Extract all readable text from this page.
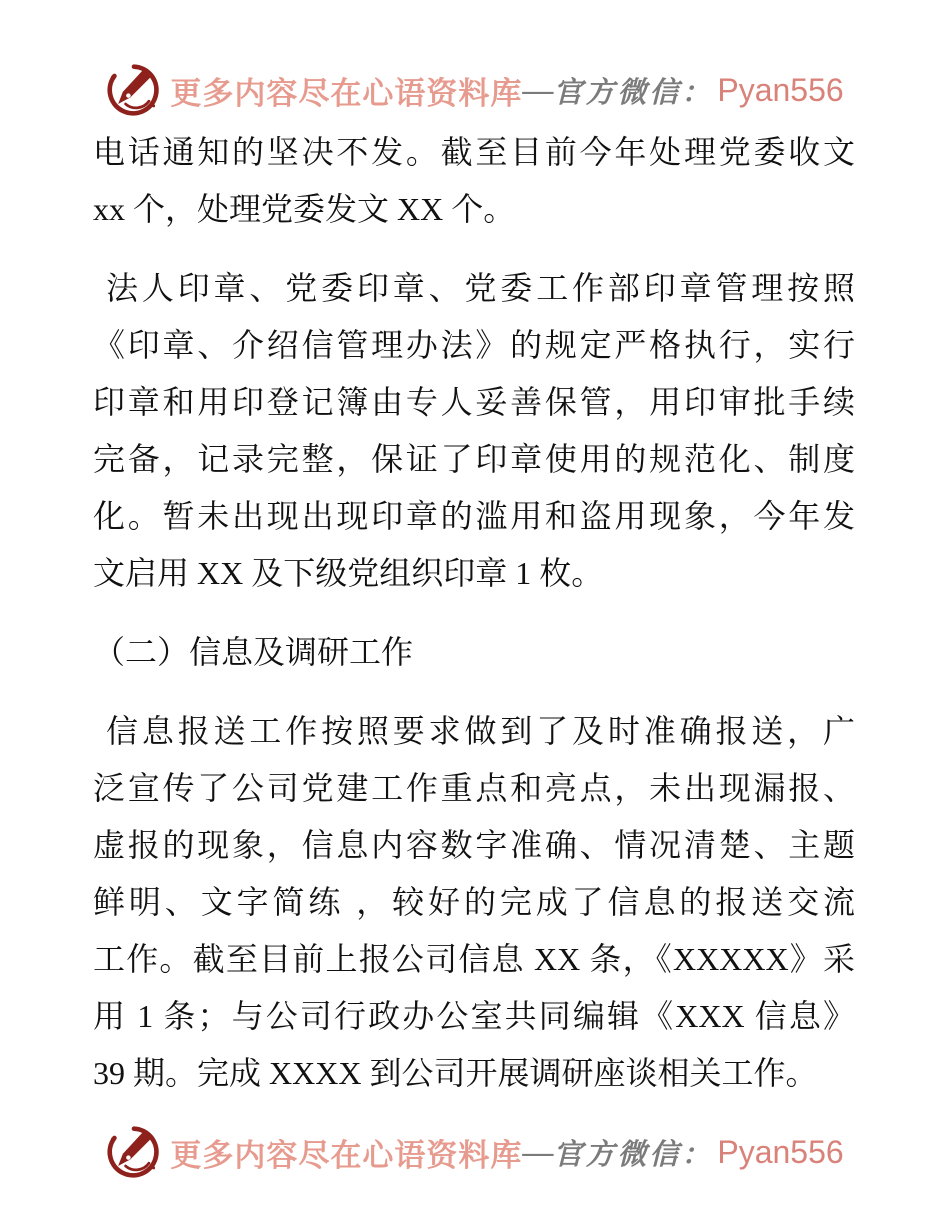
更多内容尽在心语资料库 — 官方微信： Pyan556
电话通知的坚决不发。截至目前今年处理党委收文
xx 个，处理党委发文 XX 个。
法人印章、党委印章、党委工作部印章管理按照
《印章、介绍信管理办法》的规定严格执行，实行
印章和用印登记簿由专人妥善保管，用印审批手续
完备，记录完整，保证了印章使用的规范化、制度
化。暂未出现出现印章的滥用和盗用现象，今年发
文启用 XX 及下级党组织印章 1 枚。
（二）信息及调研工作
信息报送工作按照要求做到了及时准确报送，广
泛宣传了公司党建工作重点和亮点，未出现漏报、
虚报的现象，信息内容数字准确、情况清楚、主题
鲜明、文字简练 ，较好的完成了信息的报送交流
工作。截至目前上报公司信息 XX 条，《XXXXX》采
用 1 条；与公司行政办公室共同编辑《XXX 信息》
39 期。完成 XXXX 到公司开展调研座谈相关工作。
更多内容尽在心语资料库 — 官方微信： Pyan556
